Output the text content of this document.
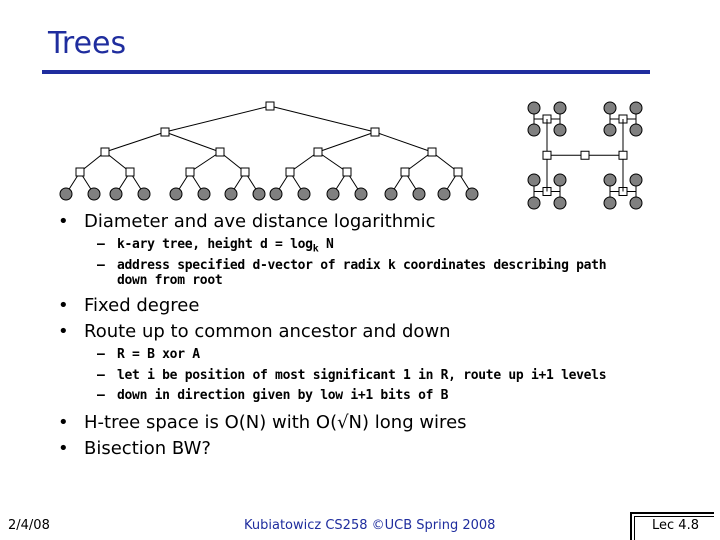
Trees
• Diameter and ave distance logarithmic
– k-ary tree, height $d = \log_k N$
– address specified d-vector of radix k coordinates describing path
down from root
• Fixed degree
• Route up to common ancestor and down
– R = B xor A
– let i be position of most significant 1 in R, route up i+1 levels
– down in direction given by low i+1 bits of B
• H-tree space is O(N) with O(√N) long wires
• Bisection BW?
2/4/08	Kubiatowicz CS258 ©UCB Spring 2008	Lec 4.8
